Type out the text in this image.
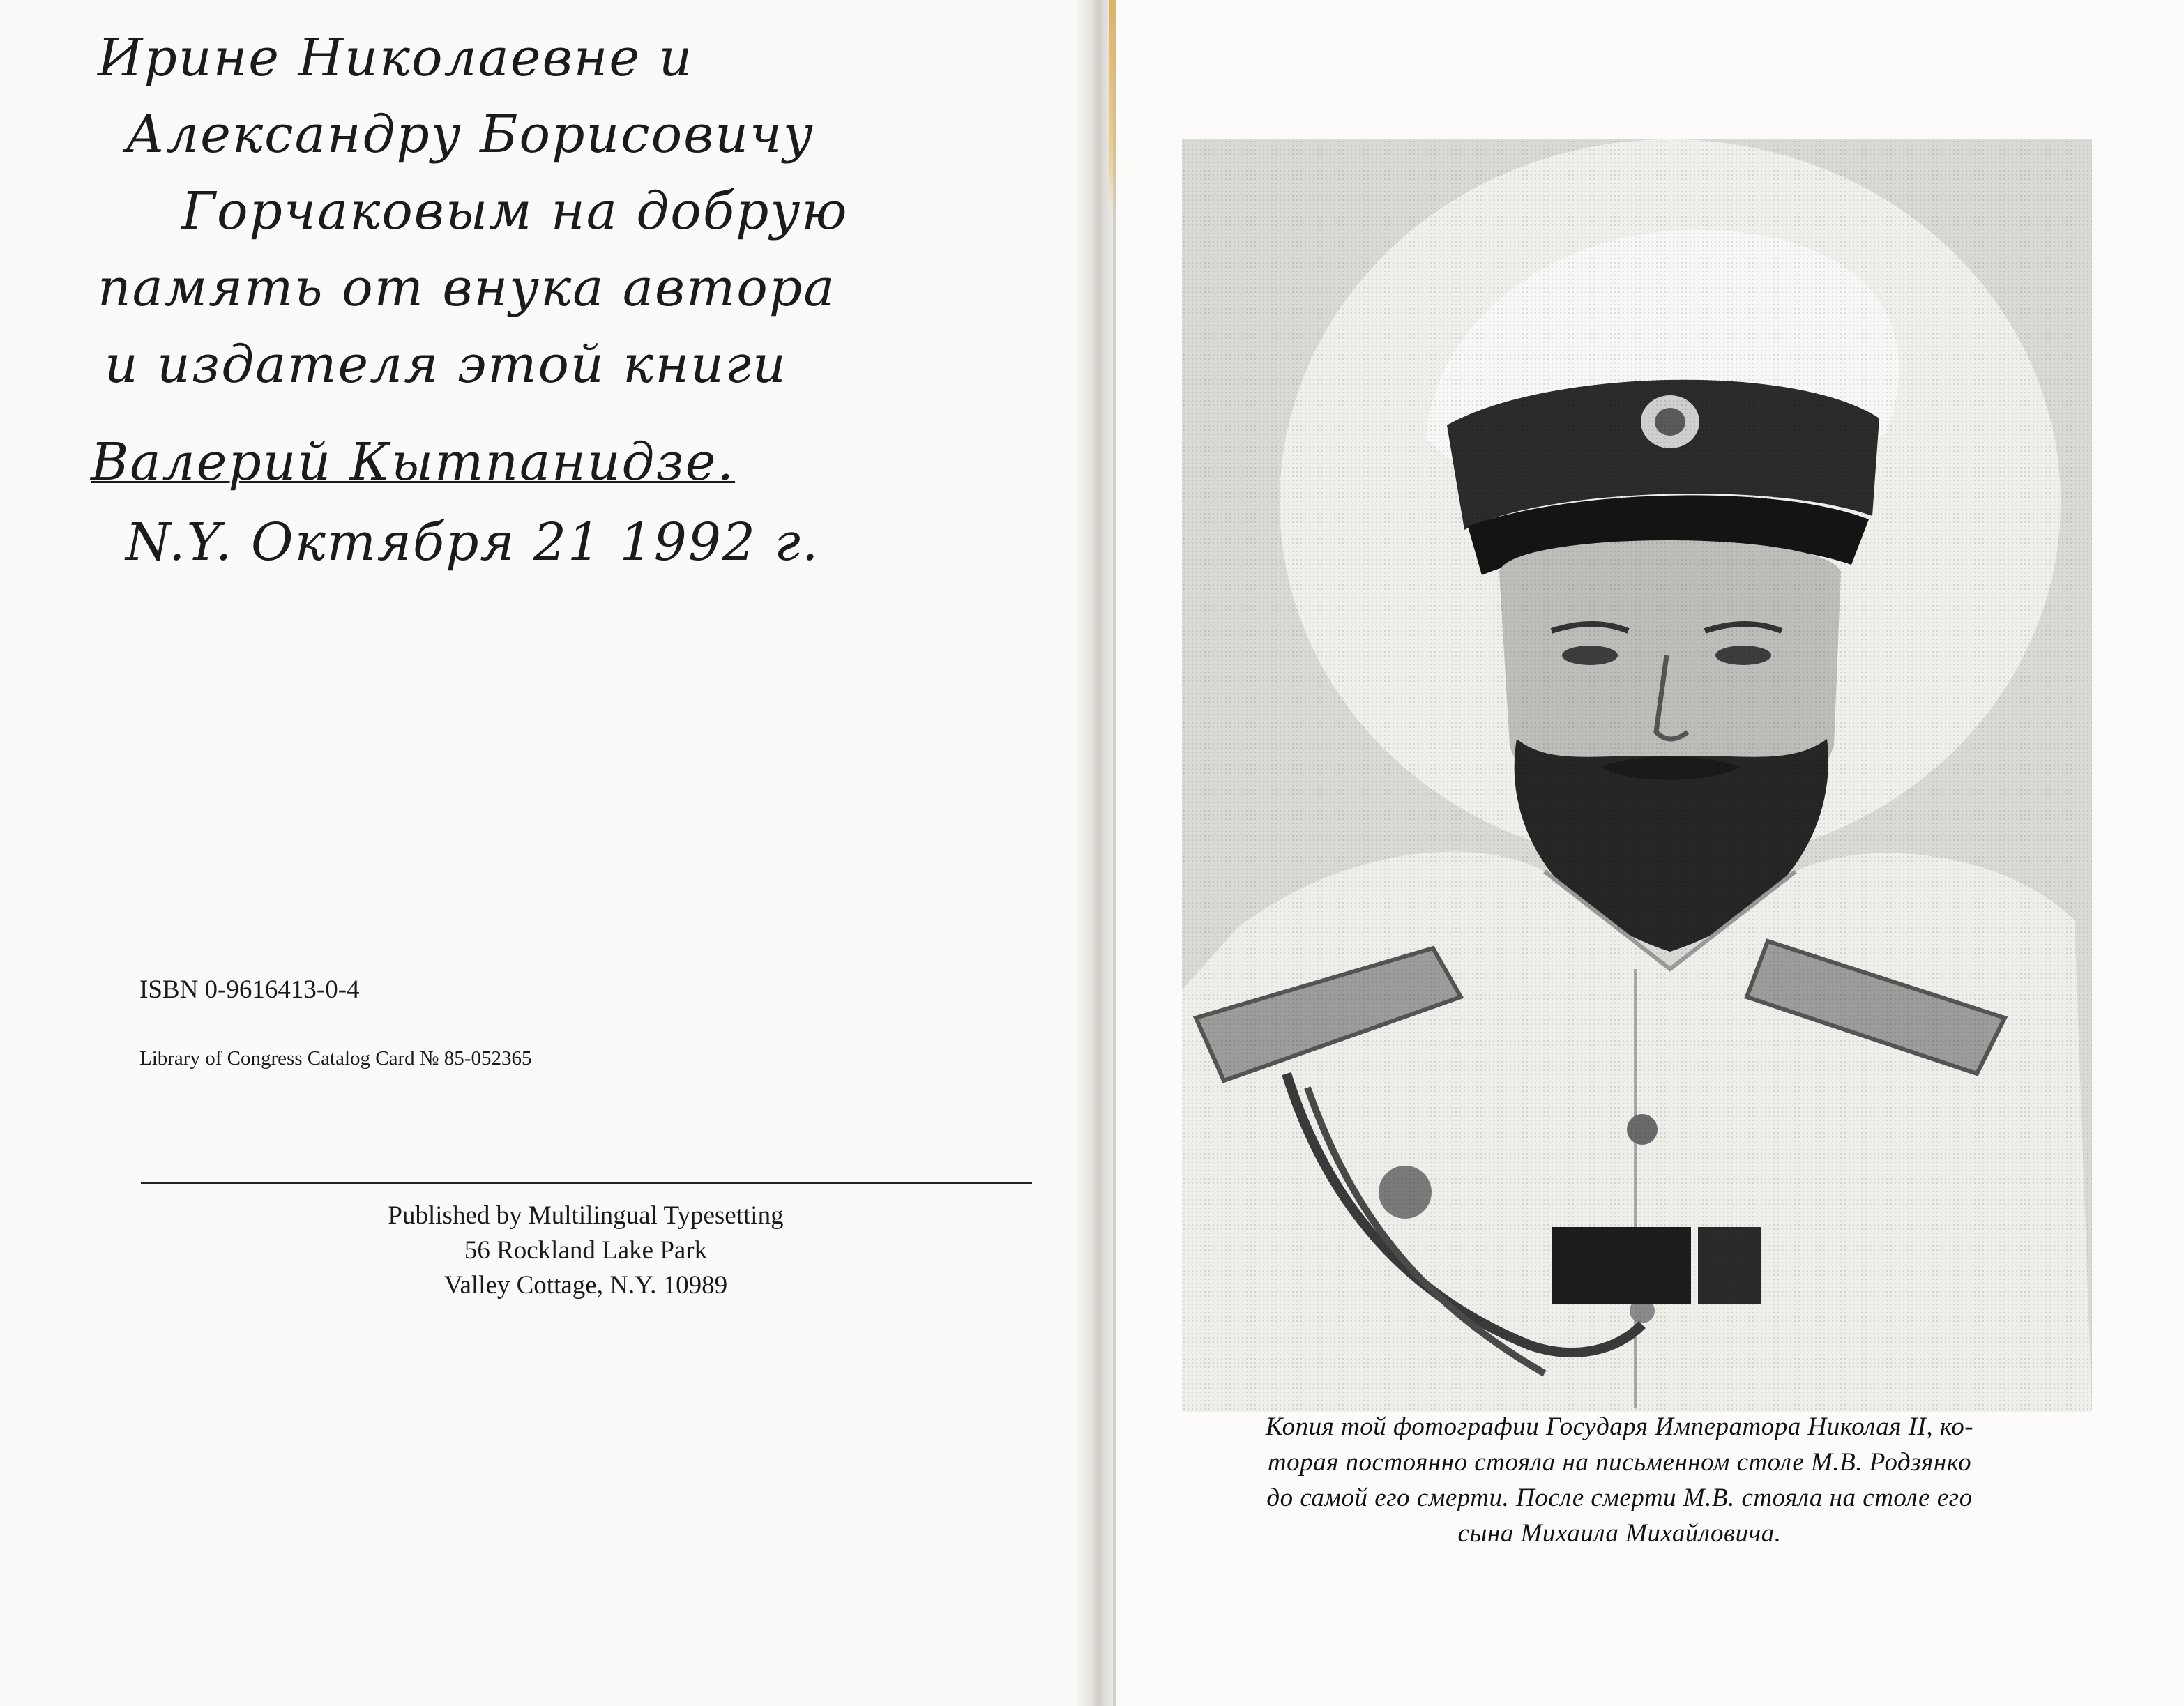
Ирине Николаевне и
Александру Борисовичу
Горчаковым на добрую
память от внука автора
и издателя этой книги
Валерий Кытпанидзе.
N.Y. Октября 21 1992 г.
ISBN 0-9616413-0-4
Library of Congress Catalog Card № 85-052365
Published by Multilingual Typesetting
56 Rockland Lake Park
Valley Cottage, N.Y. 10989
Копия той фотографии Государя Императора Николая II, ко-
торая постоянно стояла на письменном столе М.В. Родзянко
до самой его смерти. После смерти М.В. стояла на столе его
сына Михаила Михайловича.
